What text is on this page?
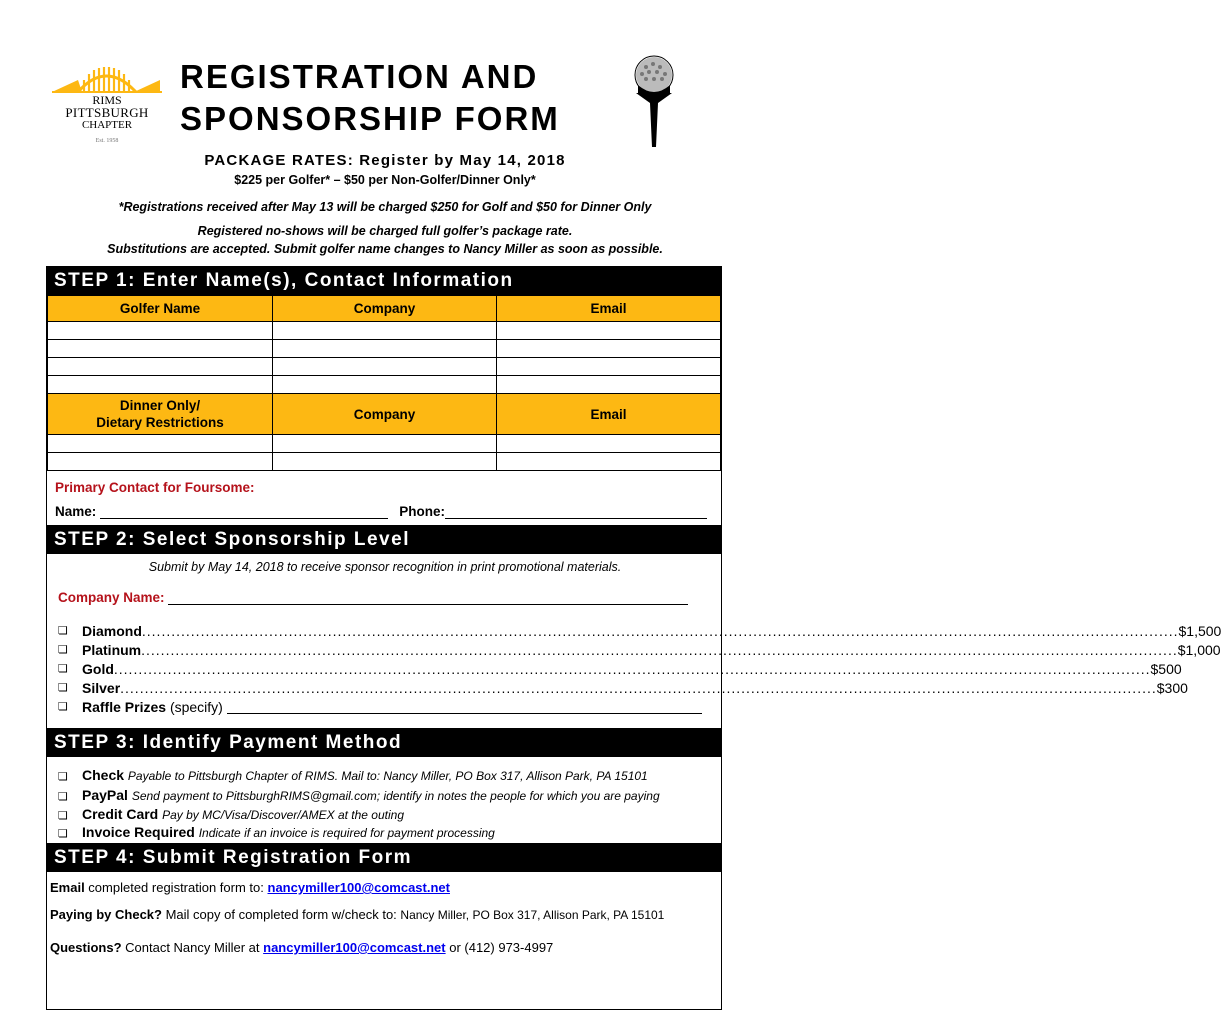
RIMS
PITTSBURGH
CHAPTER
Est. 1958
REGISTRATION AND
SPONSORSHIP FORM
PACKAGE RATES: Register by May 14, 2018
$225 per Golfer* – $50 per Non-Golfer/Dinner Only*
*Registrations received after May 13 will be charged $250 for Golf and $50 for Dinner Only
Registered no-shows will be charged full golfer’s package rate.
Substitutions are accepted. Submit golfer name changes to Nancy Miller as soon as possible.
STEP 1: Enter Name(s), Contact Information
Golfer Name	Company	Email

Dinner Only/
Dietary Restrictions	Company	Email

Primary Contact for Foursome:
Name:	Phone:
STEP 2: Select Sponsorship Level
Submit by May 14, 2018 to receive sponsor recognition in print promotional materials.
Company Name:
❏	Diamond .................................................................................................................................................................................................................... $1,500
❏	Platinum .................................................................................................................................................................................................................... $1,000
❏	Gold .................................................................................................................................................................................................................... $500
❏	Silver .................................................................................................................................................................................................................... $300
❏	Raffle Prizes
(specify)
STEP 3: Identify Payment Method
❏ Check Payable to Pittsburgh Chapter of RIMS. Mail to: Nancy Miller, PO Box 317, Allison Park, PA 15101
❏ PayPal Send payment to PittsburghRIMS@gmail.com; identify in notes the people for which you are paying
❏ Credit Card Pay by MC/Visa/Discover/AMEX at the outing
❏ Invoice Required Indicate if an invoice is required for payment processing
STEP 4: Submit Registration Form
Email completed registration form to: nancymiller100@comcast.net
Paying by Check? Mail copy of completed form w/check to: Nancy Miller, PO Box 317, Allison Park, PA 15101
Questions? Contact Nancy Miller at nancymiller100@comcast.net or (412) 973-4997
